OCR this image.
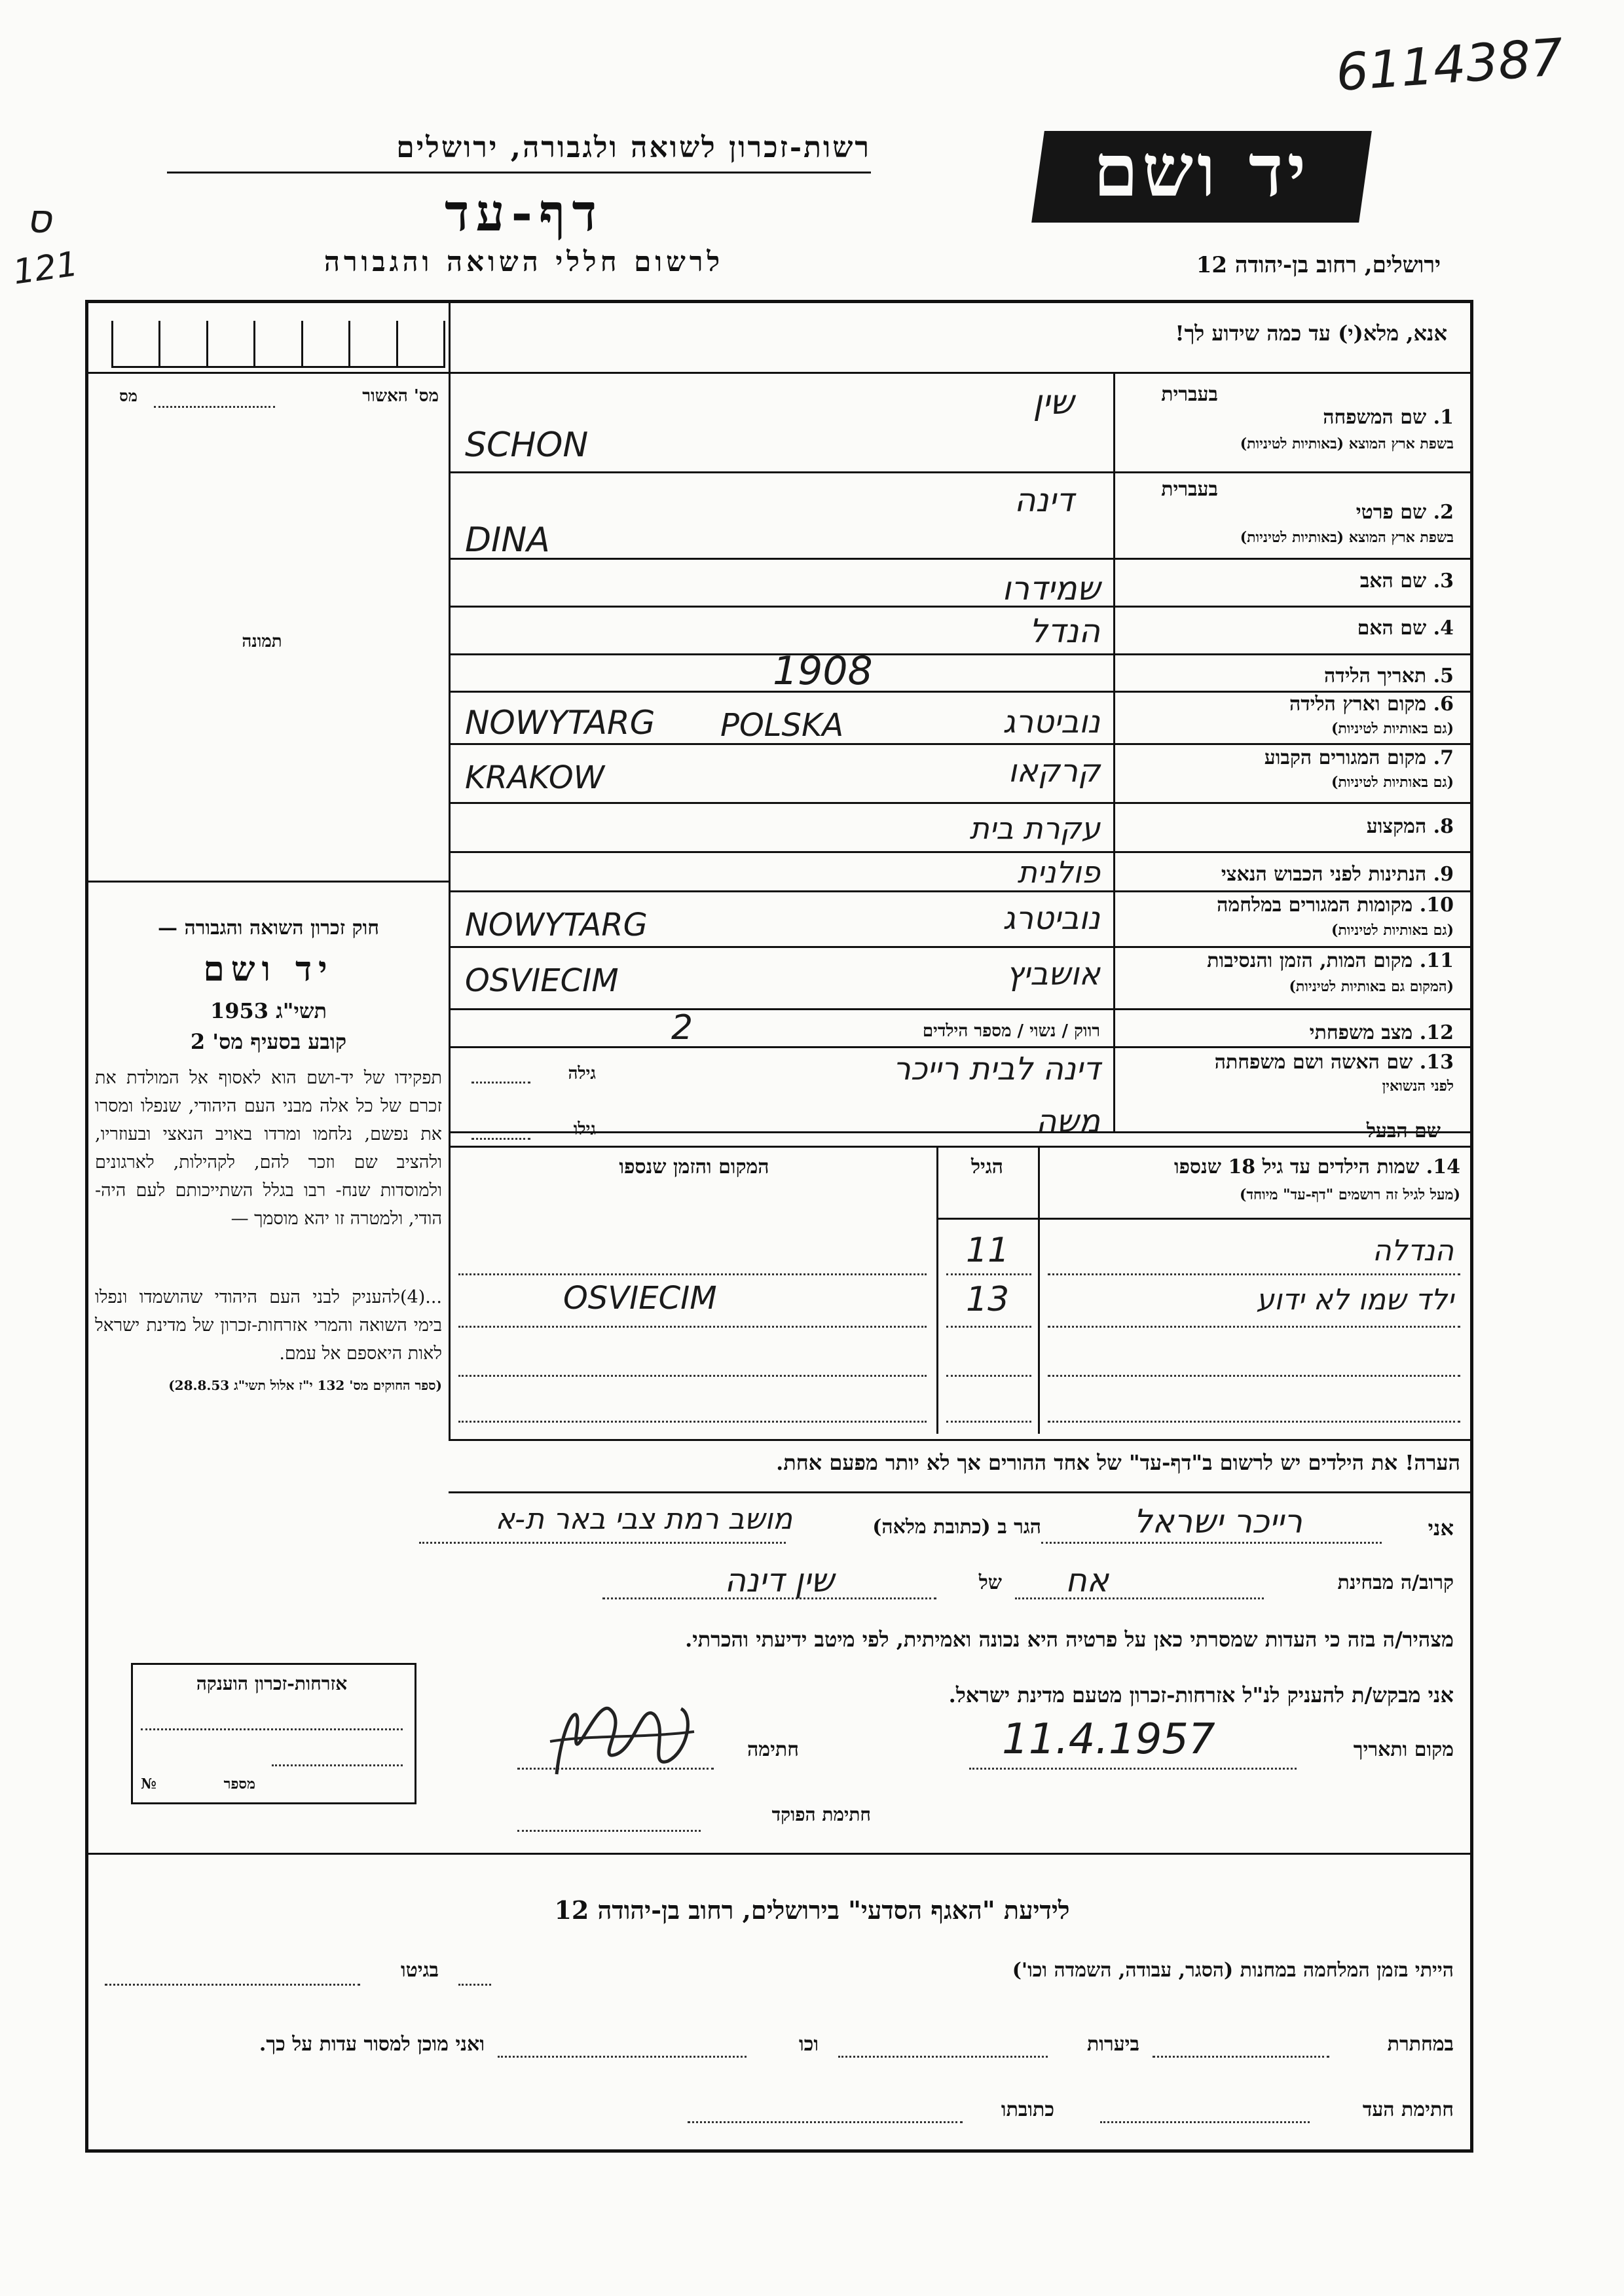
6114387
ס
121
רשות-זכרון לשואה ולגבורה, ירושלים
דף-עד
לרשום חללי השואה והגבורה
יד ושם
ירושלים, רחוב בן-יהודה 12
אנא, מלא(י) עד כמה שידוע לך!
מס' האשור
מס
תמונה
חוק זכרון השואה והגבורה —
יד ושם
תשי"ג 1953
קובע בסעיף מס' 2
תפקידו של יד-ושם הוא לאסוף אל המולדת את זכרם של כל אלה מבני העם היהודי, שנפלו ומסרו את נפשם, נלחמו ומרדו באויב הנאצי ובעוזריו, ולהציב שם וזכר להם, לקהילות, לארגונים ולמוסדות שנח- רבו בגלל השתייכותם לעם היה- הודי, ולמטרה זו יהא מוסמך —
...(4)להעניק לבני העם היהודי שהושמדו ונפלו בימי השואה והמרי אזרחות-זכרון של מדינת ישראל לאות היאספם אל עמם.
(ספר החוקים מס' 132 י"ז אלול תשי"ג 28.8.53)
בעברית
1. שם המשפחה
בשפת ארץ המוצא (באותיות לטיניות)
בעברית
2. שם פרטי
בשפת ארץ המוצא (באותיות לטיניות)
3. שם האב
4. שם האם
5. תאריך הלידה
6. מקום וארץ הלידה
(גם באותיות לטיניות)
7. מקום המגורים הקבוע
(גם באותיות לטיניות)
8. המקצוע
9. הנתינות לפני הכבוש הנאצי
10. מקומות המגורים במלחמה
(גם באותיות לטיניות)
11. מקום המות, הזמן והנסיבות
(המקום גם באותיות לטיניות)
12. מצב משפחתי
13. שם האשה ושם משפחתה
לפני הנשואין
שם הבעל
שין
SCHON
דינה
DINA
שמידרו
הנדל
1908
נוביטרג
NOWYTARG POLSKA
קרקאו
KRAKOW
עקרת בית
פולנית
נוביטרג
NOWYTARG
אושביץ
OSVIECIM
רווק / נשוי / מספר הילדים
2
גילה	דינה לבית רייכר
גילו	משה
14. שמות הילדים עד גיל 18 שנספו
(מעל לגיל זה רושמים "דף-עד" מיוחד)
הגיל
המקום והזמן שנספו
הנדלה
11
ילד שמו לא ידוע
13
OSVIECIM
הערה! את הילדים יש לרשום ב"דף-עד" של אחד ההורים אך לא יותר מפעם אחת.
אני
רייכר ישראל
הגר ב (כתובת מלאה)
מושב רמת צבי באר ת-א
קרוב/ה מבחינת
אח
של
שין דינה
מצהיר/ה בזה כי העדות שמסרתי כאן על פרטיה היא נכונה ואמיתית, לפי מיטב ידיעתי והכרתי.
אני מבקש/ת להעניק לנ"ל אזרחות-זכרון מטעם מדינת ישראל.
מקום ותאריך
11.4.1957
חתימה
חתימת הפוקד
אזרחות-זכרון הוענקה
מספר
№
לידיעת "האגף הסדעי" בירושלים, רחוב בן-יהודה 12
הייתי בזמן המלחמה במחנות (הסגר, עבודה, השמדה וכו')
בגיטו
במחתרת
ביערות
וכו
ואני מוכן למסור עדות על כך.
חתימת העד
כתובתו
